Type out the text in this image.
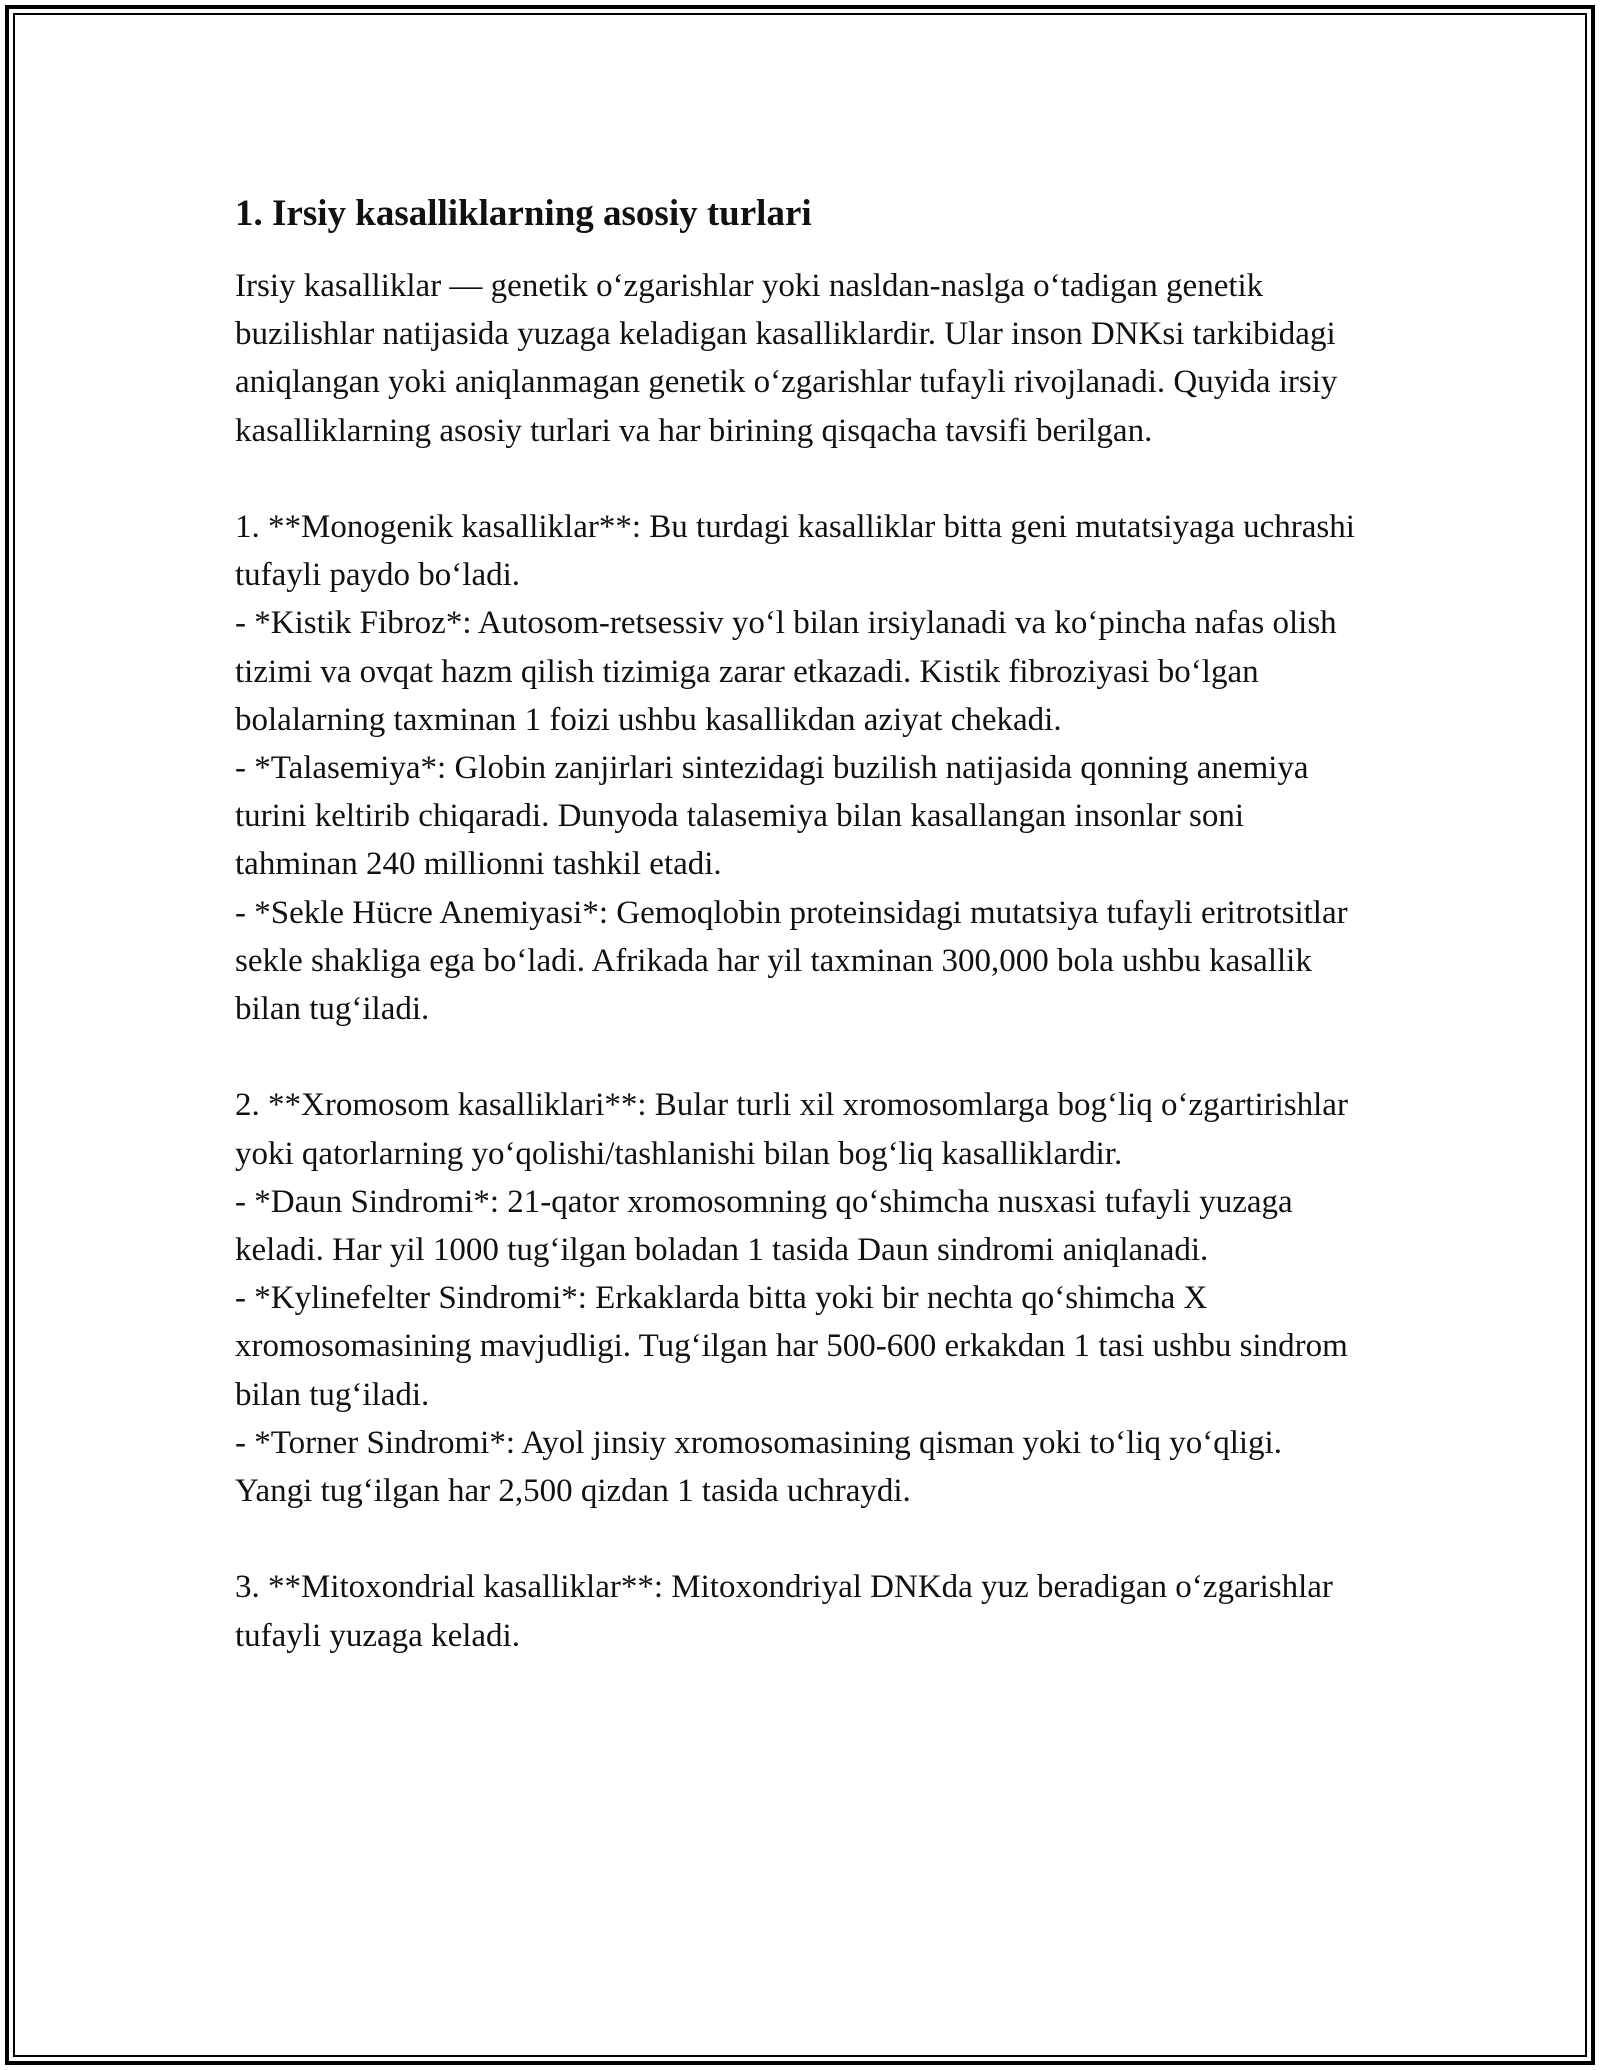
1. Irsiy kasalliklarning asosiy turlari

Irsiy kasalliklar — genetik o‘zgarishlar yoki nasldan-naslga o‘tadigan genetik buzilishlar natijasida yuzaga keladigan kasalliklardir. Ular inson DNKsi tarkibidagi aniqlangan yoki aniqlanmagan genetik o‘zgarishlar tufayli rivojlanadi. Quyida irsiy kasalliklarning asosiy turlari va har birining qisqacha tavsifi berilgan.

1. **Monogenik kasalliklar**: Bu turdagi kasalliklar bitta geni mutatsiyaga uchrashi tufayli paydo bo‘ladi.

- *Kistik Fibroz*: Autosom-retsessiv yo‘l bilan irsiylanadi va ko‘pincha nafas olish tizimi va ovqat hazm qilish tizimiga zarar etkazadi. Kistik fibroziyasi bo‘lgan bolalarning taxminan 1 foizi ushbu kasallikdan aziyat chekadi.

- *Talasemiya*: Globin zanjirlari sintezidagi buzilish natijasida qonning anemiya turini keltirib chiqaradi. Dunyoda talasemiya bilan kasallangan insonlar soni tahminan 240 millionni tashkil etadi.

- *Sekle Hücre Anemiyasi*: Gemoqlobin proteinsidagi mutatsiya tufayli eritrotsitlar sekle shakliga ega bo‘ladi. Afrikada har yil taxminan 300,000 bola ushbu kasallik bilan tug‘iladi.

2. **Xromosom kasalliklari**: Bular turli xil xromosomlarga bog‘liq o‘zgartirishlar yoki qatorlarning yo‘qolishi/tashlanishi bilan bog‘liq kasalliklardir.

- *Daun Sindromi*: 21-qator xromosomning qo‘shimcha nusxasi tufayli yuzaga keladi. Har yil 1000 tug‘ilgan boladan 1 tasida Daun sindromi aniqlanadi.

- *Kylinefelter Sindromi*: Erkaklarda bitta yoki bir nechta qo‘shimcha X xromosomasining mavjudligi. Tug‘ilgan har 500-600 erkakdan 1 tasi ushbu sindrom bilan tug‘iladi.

- *Torner Sindromi*: Ayol jinsiy xromosomasining qisman yoki to‘liq yo‘qligi. Yangi tug‘ilgan har 2,500 qizdan 1 tasida uchraydi.

3. **Mitoxondrial kasalliklar**: Mitoxondriyal DNKda yuz beradigan o‘zgarishlar tufayli yuzaga keladi.
